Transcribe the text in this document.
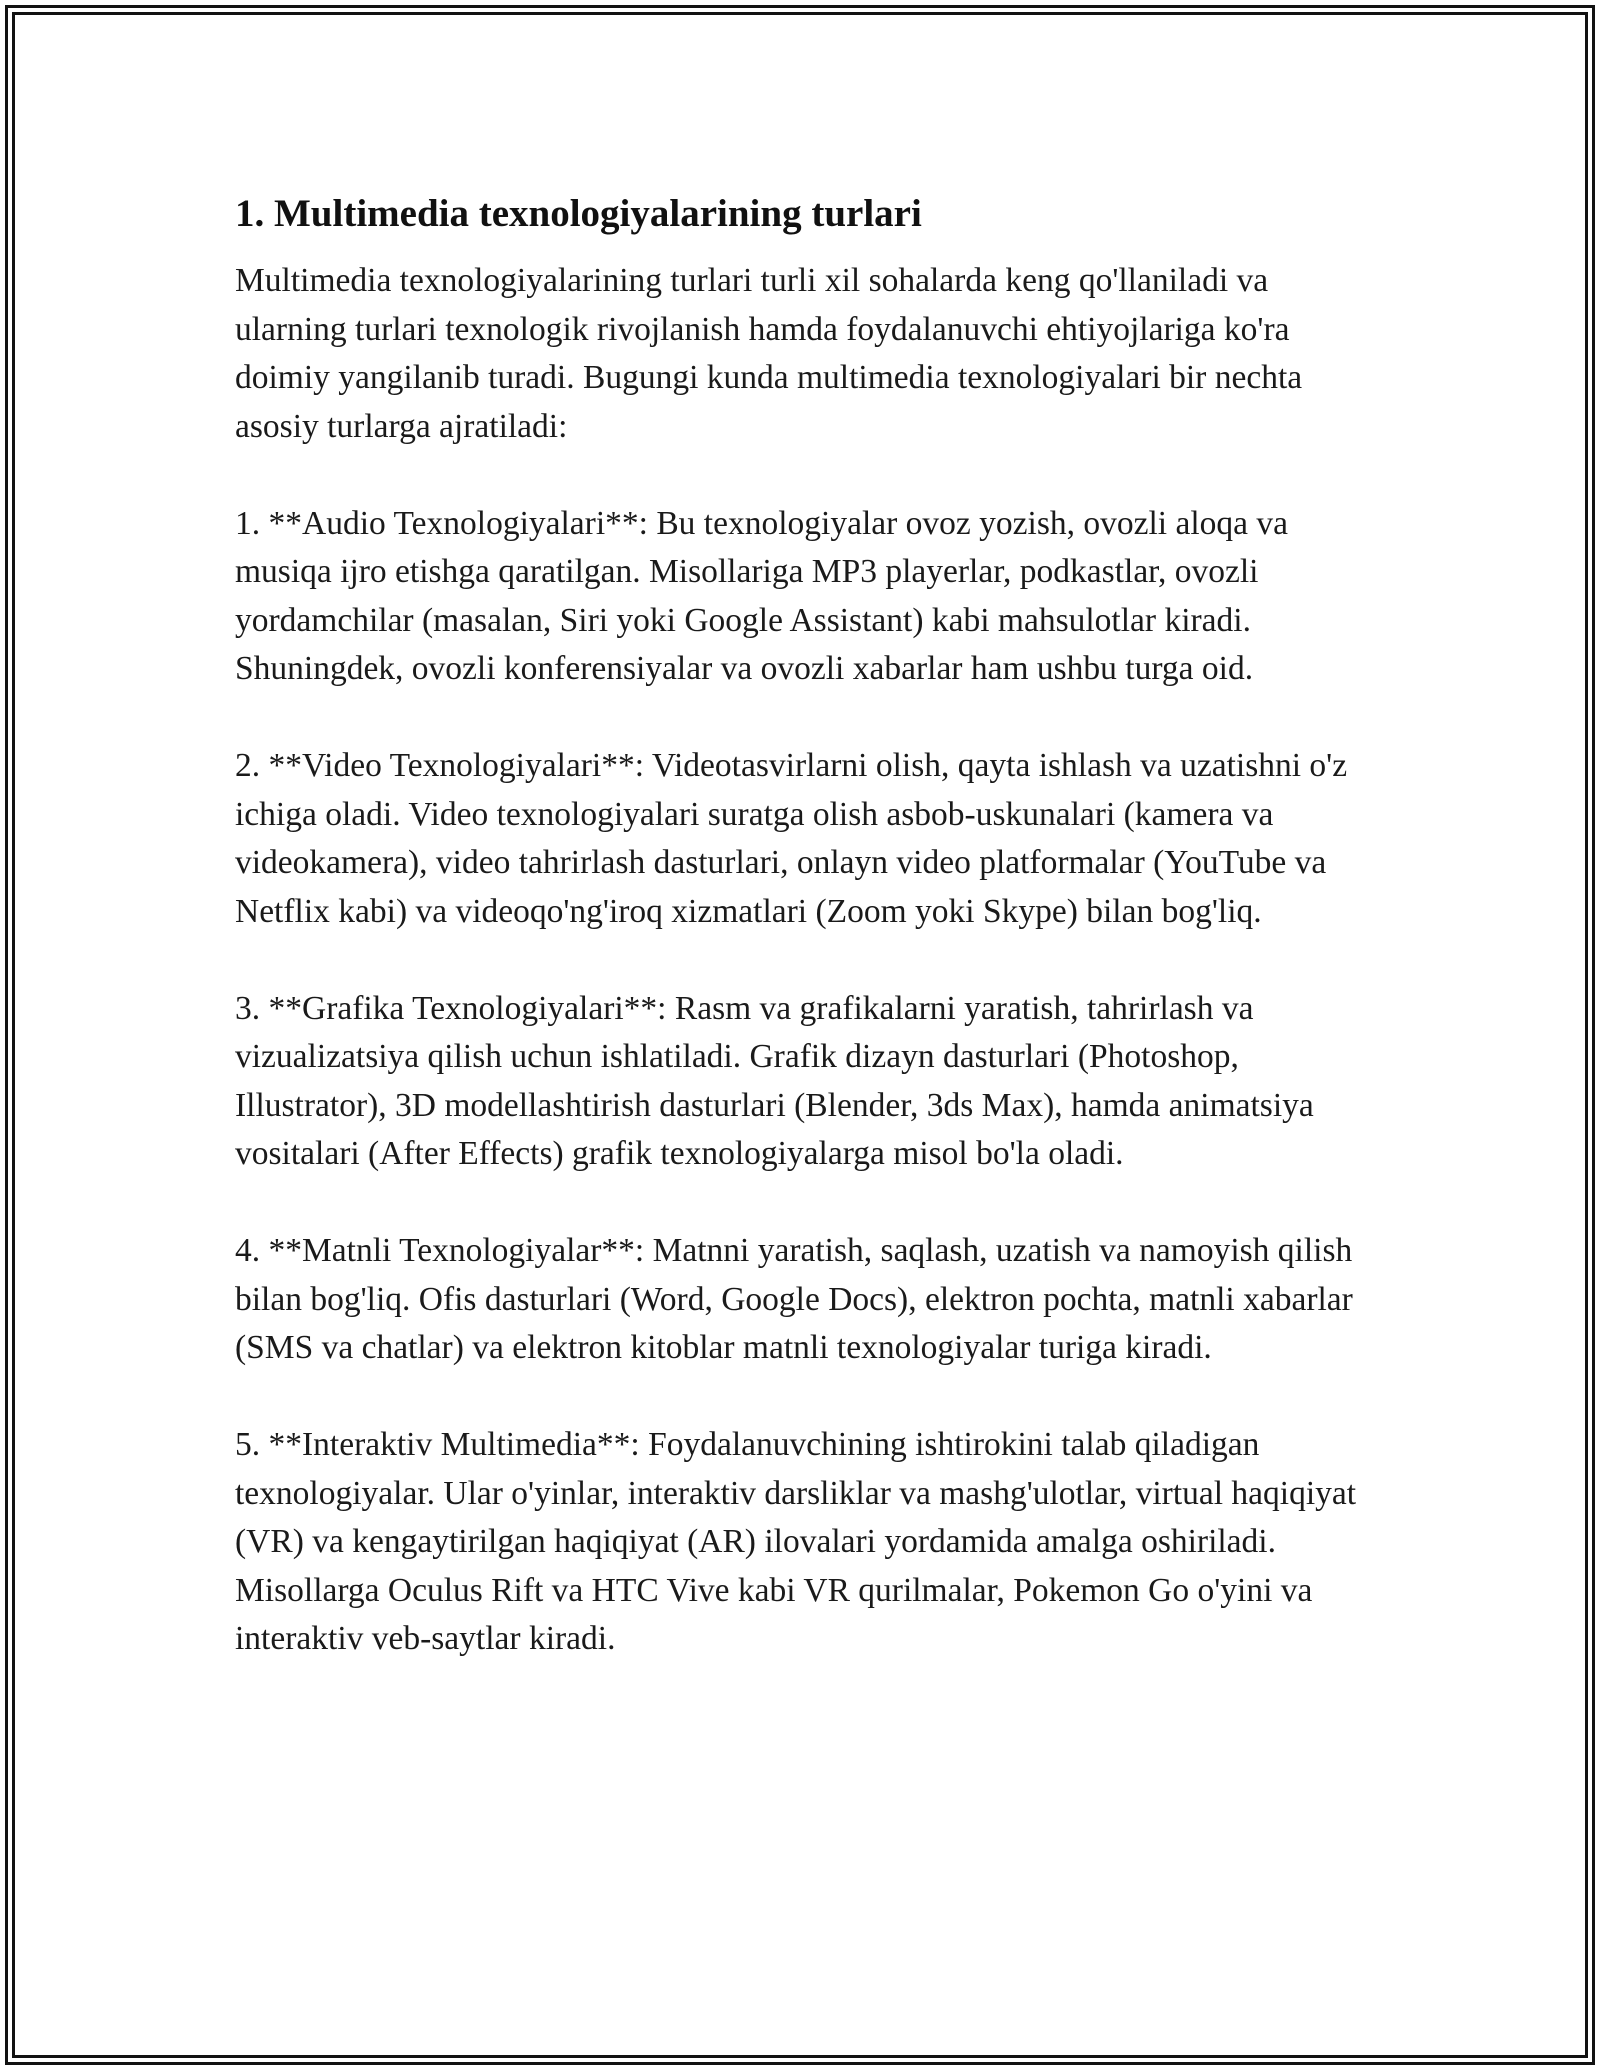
1. Multimedia texnologiyalarining turlari

Multimedia texnologiyalarining turlari turli xil sohalarda keng qo'llaniladi va ularning turlari texnologik rivojlanish hamda foydalanuvchi ehtiyojlariga ko'ra doimiy yangilanib turadi. Bugungi kunda multimedia texnologiyalari bir nechta asosiy turlarga ajratiladi:

1. **Audio Texnologiyalari**: Bu texnologiyalar ovoz yozish, ovozli aloqa va musiqa ijro etishga qaratilgan. Misollariga MP3 playerlar, podkastlar, ovozli yordamchilar (masalan, Siri yoki Google Assistant) kabi mahsulotlar kiradi. Shuningdek, ovozli konferensiyalar va ovozli xabarlar ham ushbu turga oid.

2. **Video Texnologiyalari**: Videotasvirlarni olish, qayta ishlash va uzatishni o'z ichiga oladi. Video texnologiyalari suratga olish asbob-uskunalari (kamera va videokamera), video tahrirlash dasturlari, onlayn video platformalar (YouTube va Netflix kabi) va videoqo'ng'iroq xizmatlari (Zoom yoki Skype) bilan bog'liq.

3. **Grafika Texnologiyalari**: Rasm va grafikalarni yaratish, tahrirlash va vizualizatsiya qilish uchun ishlatiladi. Grafik dizayn dasturlari (Photoshop, Illustrator), 3D modellashtirish dasturlari (Blender, 3ds Max), hamda animatsiya vositalari (After Effects) grafik texnologiyalarga misol bo'la oladi.

4. **Matnli Texnologiyalar**: Matnni yaratish, saqlash, uzatish va namoyish qilish bilan bog'liq. Ofis dasturlari (Word, Google Docs), elektron pochta, matnli xabarlar (SMS va chatlar) va elektron kitoblar matnli texnologiyalar turiga kiradi.

5. **Interaktiv Multimedia**: Foydalanuvchining ishtirokini talab qiladigan texnologiyalar. Ular o'yinlar, interaktiv darsliklar va mashg'ulotlar, virtual haqiqiyat (VR) va kengaytirilgan haqiqiyat (AR) ilovalari yordamida amalga oshiriladi. Misollarga Oculus Rift va HTC Vive kabi VR qurilmalar, Pokemon Go o'yini va interaktiv veb-saytlar kiradi.
